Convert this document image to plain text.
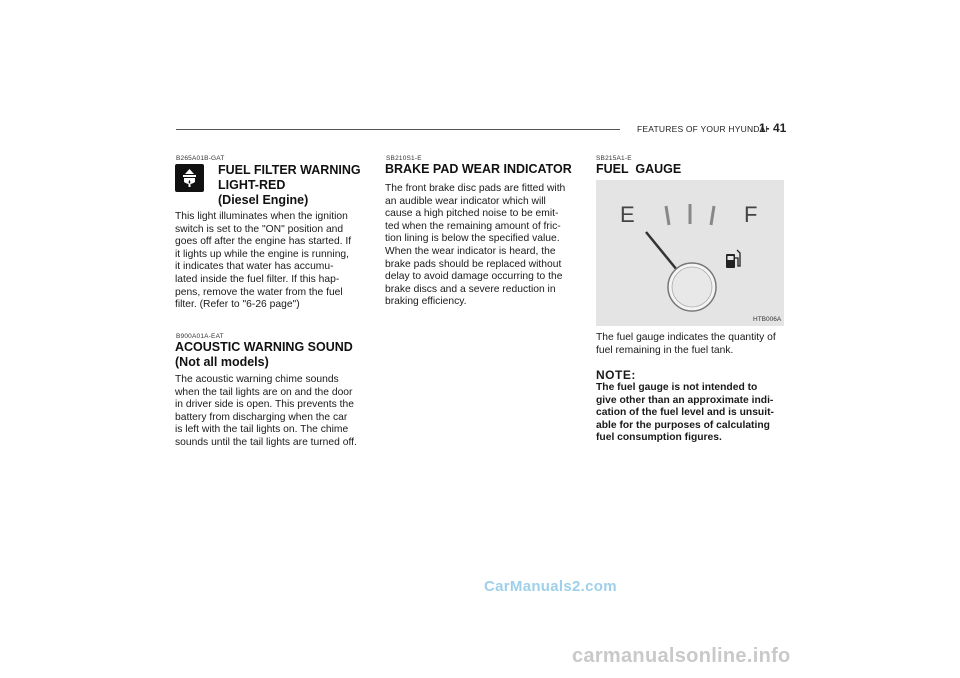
FEATURES OF YOUR HYUNDAI
1- 41
B265A01B-GAT
FUEL FILTER WARNING
LIGHT-RED
(Diesel Engine)
This light illuminates when the ignition
switch is set to the "ON" position and
goes off after the engine has started. If
it lights up while the engine is running,
it indicates that water has accumu-
lated inside the fuel filter. If this hap-
pens, remove the water from the fuel
filter. (Refer to "6-26 page")
B900A01A-EAT
ACOUSTIC WARNING SOUND
(Not all models)
The acoustic warning chime sounds
when the tail lights are on and the door
in driver side is open. This prevents the
battery from discharging when the car
is left with the tail lights on. The chime
sounds until the tail lights are turned off.
SB210S1-E
BRAKE PAD WEAR INDICATOR
The front brake disc pads are fitted with
an audible wear indicator which will
cause a high pitched noise to be emit-
ted when the remaining amount of fric-
tion lining is below the specified value.
When the wear indicator is heard, the
brake pads should be replaced without
delay to avoid damage occurring to the
brake discs and a severe reduction in
braking efficiency.
SB215A1-E
FUEL  GAUGE
E	F
HTB006A
The fuel gauge indicates the quantity of
fuel remaining in the fuel tank.
NOTE:
The fuel gauge is not intended to
give other than an approximate indi-
cation of the fuel level and is unsuit-
able for the purposes of calculating
fuel consumption figures.
CarManuals2.com
carmanualsonline.info
